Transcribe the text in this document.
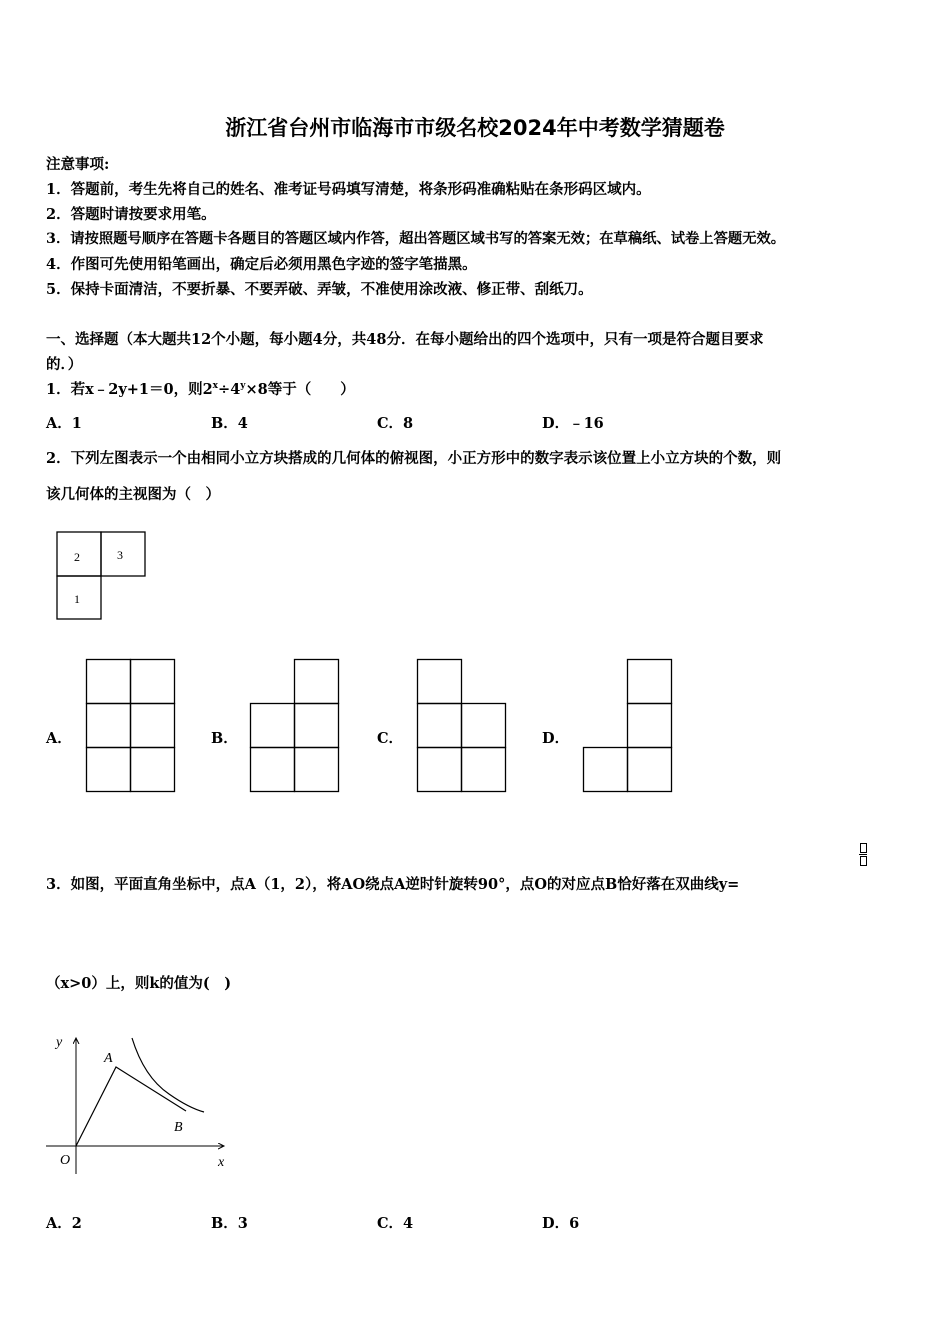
浙江省台州市临海市市级名校2024年中考数学猜题卷
注意事项:
1．答题前，考生先将自己的姓名、准考证号码填写清楚，将条形码准确粘贴在条形码区域内。
2．答题时请按要求用笔。
3．请按照题号顺序在答题卡各题目的答题区域内作答，超出答题区域书写的答案无效；在草稿纸、试卷上答题无效。
4．作图可先使用铅笔画出，确定后必须用黑色字迹的签字笔描黑。
5．保持卡面清洁，不要折暴、不要弄破、弄皱，不准使用涂改液、修正带、刮纸刀。
一、选择题（本大题共12个小题，每小题4分，共48分．在每小题给出的四个选项中，只有一项是符合题目要求
的．）
1．若x﹣2y+1＝0，则$2^x\div 4^y\times 8$等于（　　）
A．1	B．4	C．8	D．﹣16
2．下列左图表示一个由相同小立方块搭成的几何体的俯视图，小正方形中的数字表示该位置上小立方块的个数，则
该几何体的主视图为（　）
2	3
1
A．	B．	C．	D．
3．如图，平面直角坐标中，点A（1，2），将AO绕点A逆时针旋转90°，点O的对应点B恰好落在双曲线y=
（x>0）上，则k的值为(　)
y
x
O
A
B
A．2	B．3	C．4	D．6
